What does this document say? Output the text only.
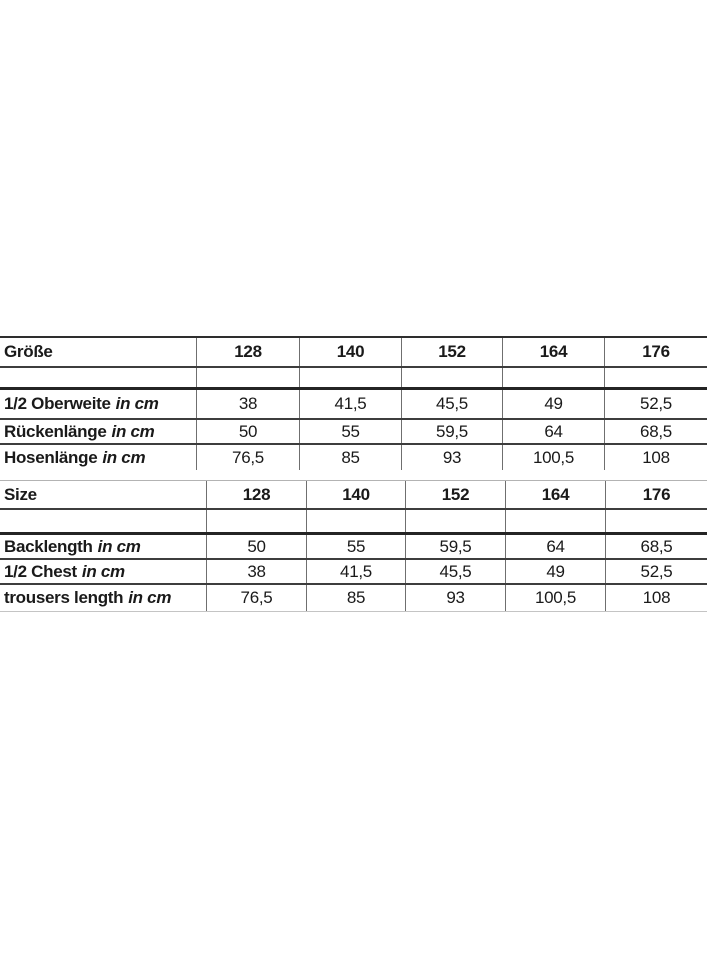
Größe	128	140	152	164	176
1/2 Oberweite in cm	38	41,5	45,5	49	52,5
Rückenlänge in cm	50	55	59,5	64	68,5
Hosenlänge in cm	76,5	85	93	100,5	108
Size	128	140	152	164	176
Backlength in cm	50	55	59,5	64	68,5
1/2 Chest in cm	38	41,5	45,5	49	52,5
trousers length in cm	76,5	85	93	100,5	108
